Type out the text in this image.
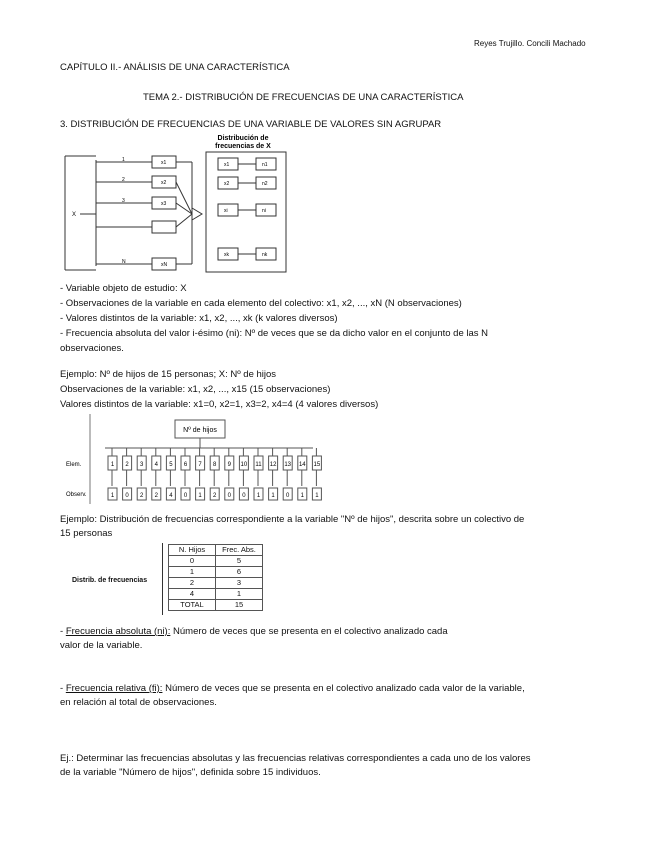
Reyes Trujillo. Concili Machado
CAPÍTULO II.- ANÁLISIS DE UNA CARACTERÍSTICA
TEMA 2.- DISTRIBUCIÓN DE FRECUENCIAS DE UNA CARACTERÍSTICA
3. DISTRIBUCIÓN DE FRECUENCIAS DE UNA VARIABLE DE VALORES SIN AGRUPAR
Distribución de
frecuencias de X
X
1	x1
2	x2
3	x3
N	xN
x1	n1
x2	n2
xi	ni
xk	nk
- Variable objeto de estudio: X
- Observaciones de la variable en cada elemento del colectivo: x1, x2, ..., xN (N observaciones)
- Valores distintos de la variable: x1, x2, ..., xk (k valores diversos)
- Frecuencia absoluta del valor i-ésimo (ni): Nº de veces que se da dicho valor en el conjunto de las N
observaciones.
Ejemplo: Nº de hijos de 15 personas; X: Nº de hijos
Observaciones de la variable: x1, x2, ..., x15 (15 observaciones)
Valores distintos de la variable: x1=0, x2=1, x3=2, x4=4 (4 valores diversos)
Nº de hijos
Elem.
Observ.
1
1
2
0
3
2
4
2
5
4
6
0
7
1
8
2
9
0
10
0
11
1
12
1
13
0
14
1
15
1
Ejemplo: Distribución de frecuencias correspondiente a la variable "Nº de hijos", descrita sobre un colectivo de
15 personas
Distrib. de frecuencias
N. Hijos	Frec. Abs.
0	5
1	6
2	3
4	1
TOTAL	15
- Frecuencia absoluta (ni): Número de veces que se presenta en el colectivo analizado cada
valor de la variable.
- Frecuencia relativa (fi): Número de veces que se presenta en el colectivo analizado cada valor de la variable,
en relación al total de observaciones.
Ej.: Determinar las frecuencias absolutas y las frecuencias relativas correspondientes a cada uno de los valores
de la variable "Número de hijos", definida sobre 15 individuos.
